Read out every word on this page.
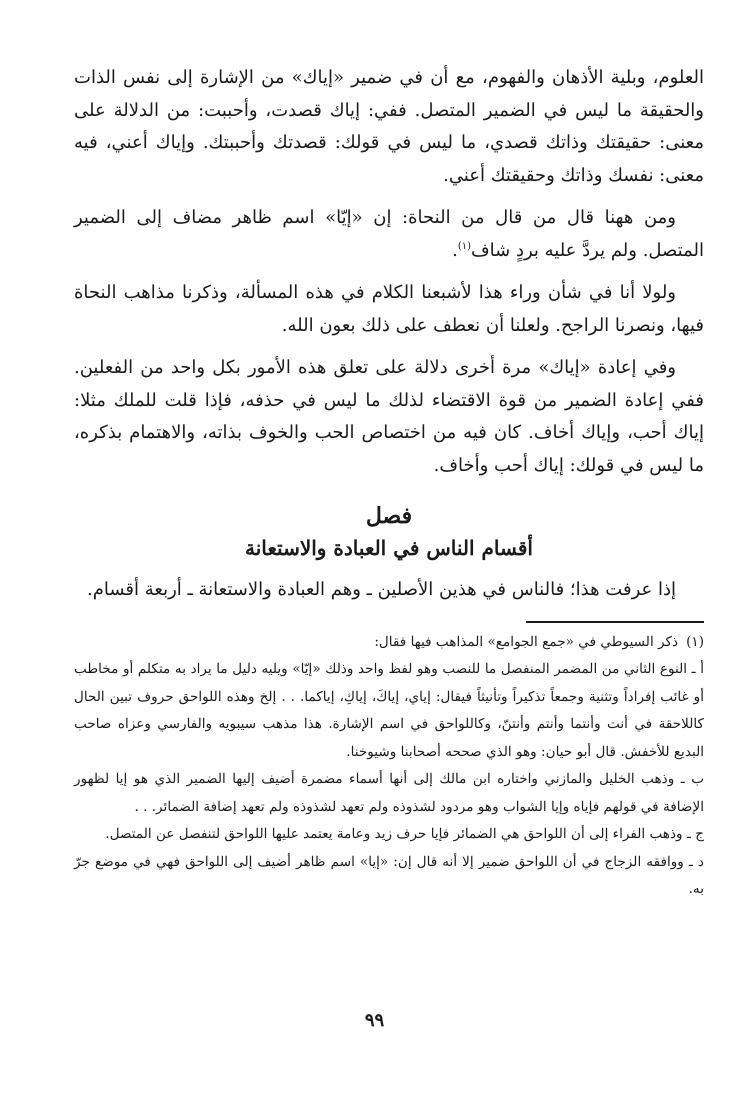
العلوم، وبلية الأذهان والفهوم، مع أن في ضمير «إياك» من الإشارة إلى نفس الذات والحقيقة ما ليس في الضمير المتصل. ففي: إياك قصدت، وأحببت: من الدلالة على معنى: حقيقتك وذاتك قصدي، ما ليس في قولك: قصدتك وأحببتك. وإياك أعني، فيه معنى: نفسك وذاتك وحقيقتك أعني.

ومن ههنا قال من قال من النحاة: إن «إيّا» اسم ظاهر مضاف إلى الضمير المتصل. ولم يردَّ عليه بردٍ شاف$^{(١)}$.

ولولا أنا في شأن وراء هذا لأشبعنا الكلام في هذه المسألة، وذكرنا مذاهب النحاة فيها، ونصرنا الراجح. ولعلنا أن نعطف على ذلك بعون الله.

وفي إعادة «إياك» مرة أخرى دلالة على تعلق هذه الأمور بكل واحد من الفعلين. ففي إعادة الضمير من قوة الاقتضاء لذلك ما ليس في حذفه، فإذا قلت للملك مثلا: إياك أحب، وإياك أخاف. كان فيه من اختصاص الحب والخوف بذاته، والاهتمام بذكره، ما ليس في قولك: إياك أحب وأخاف.

فصل
أقسام الناس في العبادة والاستعانة

إذا عرفت هذا؛ فالناس في هذين الأصلين ـ وهم العبادة والاستعانة ـ أربعة أقسام.

(١)ذكر السيوطي في «جمع الجوامع» المذاهب فيها فقال:

أ ـ النوع الثاني من المضمر المنفصل ما للنصب وهو لفظ واحد وذلك «إيّا» ويليه دليل ما يراد به متكلم أو مخاطب أو غائب إفراداً وتثنية وجمعاً تذكيراً وتأنيثاً فيقال: إياي، إياكَ، إياكِ، إياكما. . . إلخ وهذه اللواحق حروف تبين الحال كاللاحقة في أنت وأنتما وأنتم وأنتنّ، وكاللواحق في اسم الإشارة. هذا مذهب سيبويه والفارسي وعزاه صاحب البديع للأخفش. قال أبو حيان: وهو الذي صححه أصحابنا وشيوخنا.

ب ـ وذهب الخليل والمازني واختاره ابن مالك إلى أنها أسماء مضمرة أضيف إليها الضمير الذي هو إيا لظهور الإضافة في قولهم فإياه وإيا الشواب وهو مردود لشذوذه ولم تعهد لشذوذه ولم تعهد إضافة الضمائر. . .

ج ـ وذهب الفراء إلى أن اللواحق هي الضمائر فإيا حرف زيد وعامة يعتمد عليها اللواحق لتنفصل عن المتصل.

د ـ ووافقه الزجاج في أن اللواحق ضمير إلا أنه قال إن: «إيا» اسم ظاهر أضيف إلى اللواحق فهي في موضع جرّ به.

٩٩
